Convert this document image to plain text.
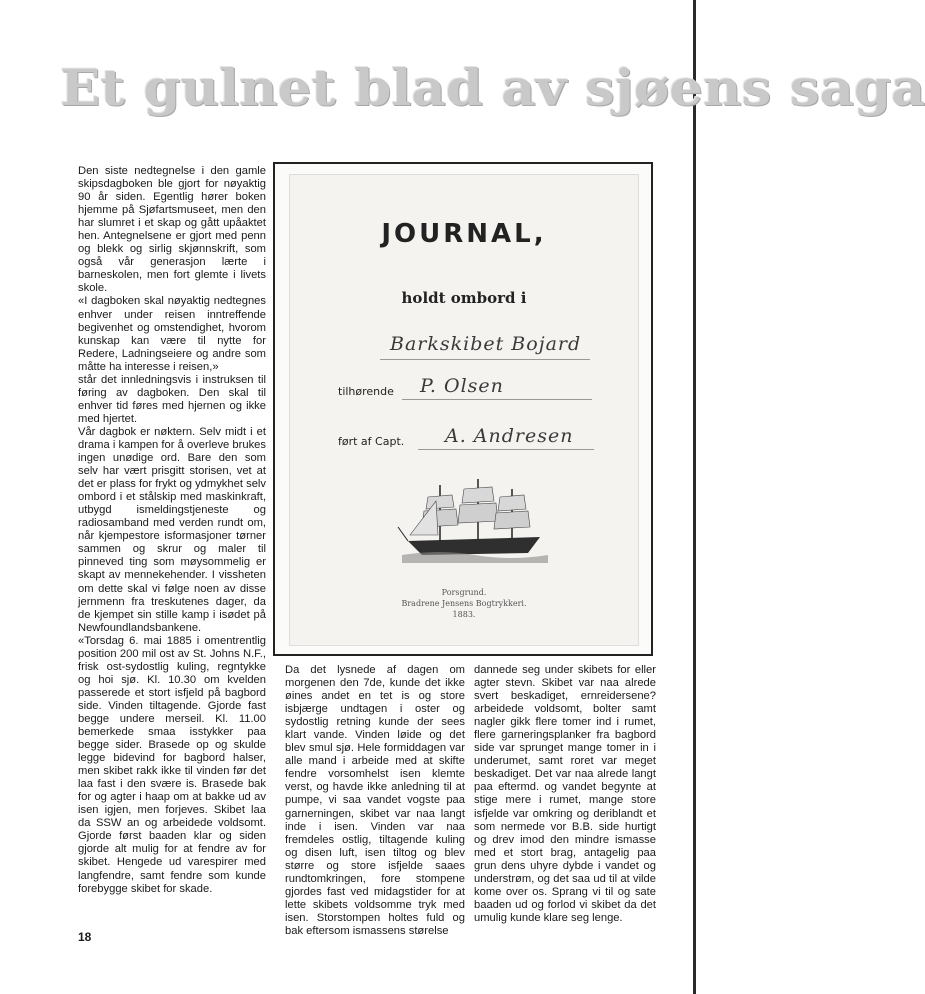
Et gulnet blad av sjøens saga
Den siste nedtegnelse i den gamle skipsdagboken ble gjort for nøyaktig 90 år siden. Egentlig hører boken hjemme på Sjøfartsmuseet, men den har slumret i et skap og gått upåaktet hen. Antegnelsene er gjort med penn og blekk og sirlig skjønnskrift, som også vår generasjon lærte i barneskolen, men fort glemte i livets skole.
«I dagboken skal nøyaktig nedtegnes enhver under reisen inntreffende begivenhet og omstendighet, hvorom kunskap kan være til nytte for Redere, Ladningseiere og andre som måtte ha interesse i reisen,»
står det innledningsvis i instruksen til føring av dagboken. Den skal til enhver tid føres med hjernen og ikke med hjertet.
Vår dagbok er nøktern. Selv midt i et drama i kampen for å overleve brukes ingen unødige ord. Bare den som selv har vært prisgitt storisen, vet at det er plass for frykt og ydmykhet selv ombord i et stålskip med maskinkraft, utbygd ismeldingstjeneste og radiosamband med verden rundt om, når kjempestore isformasjoner tørner sammen og skrur og maler til pinneved ting som møysommelig er skapt av mennekehender. I vissheten om dette skal vi følge noen av disse jernmenn fra treskutenes dager, da de kjempet sin stille kamp i isødet på Newfoundlandsbankene.
«Torsdag 6. mai 1885 i omentrentlig position 200 mil ost av St. Johns N.F., frisk ost-sydostlig kuling, regntykke og hoi sjø. Kl. 10.30 om kvelden passerede et stort isfjeld på bagbord side. Vinden tiltagende. Gjorde fast begge undere merseil. Kl. 11.00 bemerkede smaa isstykker paa begge sider. Brasede op og skulde legge bidevind for bagbord halser, men skibet rakk ikke til vinden før det laa fast i den svære is. Brasede bak for og agter i haap om at bakke ud av isen igjen, men forjeves. Skibet laa da SSW an og arbeidede voldsomt. Gjorde først baaden klar og siden gjorde alt mulig for at fendre av for skibet. Hengede ud varespirer med langfendre, samt fendre som kunde forebygge skibet for skade.
JOURNAL,
holdt ombord i
Barkskibet Bojard
tilhørende P. Olsen
ført af Capt. A. Andresen
Porsgrund.
Bradrene Jensens Bogtrykkeri.
1883.
Da det lysnede af dagen om morgenen den 7de, kunde det ikke øines andet en tet is og store isbjærge undtagen i oster og sydostlig retning kunde der sees klart vande. Vinden løide og det blev smul sjø. Hele formiddagen var alle mand i arbeide med at skifte fendre vorsomhelst isen klemte verst, og havde ikke anledning til at pumpe, vi saa vandet vogste paa garnerningen, skibet var naa langt inde i isen. Vinden var naa fremdeles ostlig, tiltagende kuling og disen luft, isen tiltog og blev større og store isfjelde saaes rundtomkringen, fore stompene gjordes fast ved midagstider for at lette skibets voldsomme tryk med isen. Storstompen holtes fuld og bak eftersom ismassens størelse
dannede seg under skibets for eller agter stevn. Skibet var naa alrede svert beskadiget, ernreidersene? arbeidede voldsomt, bolter samt nagler gikk flere tomer ind i rumet, flere garneringsplanker fra bagbord side var sprunget mange tomer in i underumet, samt roret var meget beskadiget. Det var naa alrede langt paa eftermd. og vandet begynte at stige mere i rumet, mange store isfjelde var omkring og deriblandt et som nermede vor B.B. side hurtigt og drev imod den mindre ismasse med et stort brag, antagelig paa grun dens uhyre dybde i vandet og understrøm, og det saa ud til at vilde kome over os. Sprang vi til og sate baaden ud og forlod vi skibet da det umulig kunde klare seg lenge.
18
